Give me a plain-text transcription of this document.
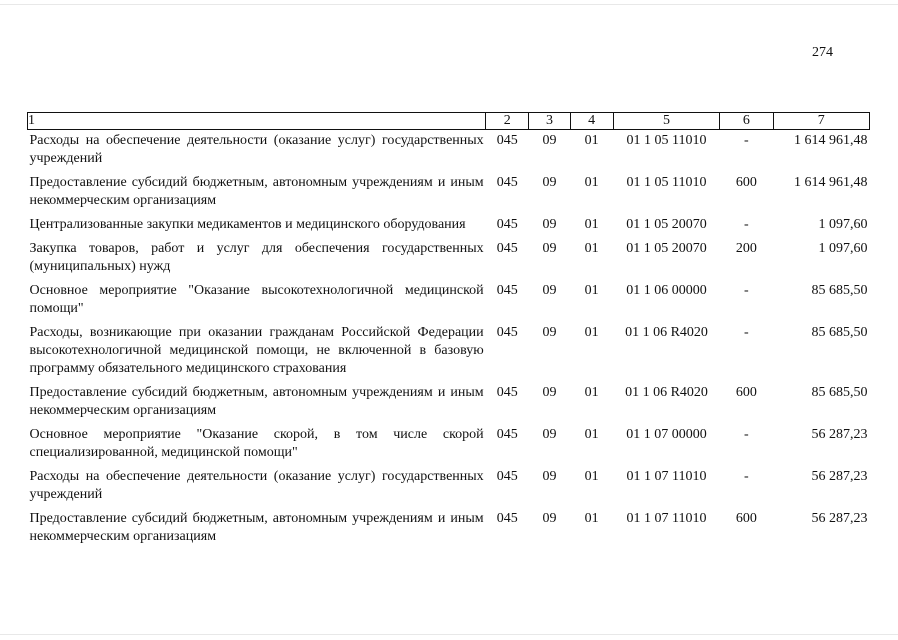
274
1	2	3	4	5	6	7
Расходы на обеспечение деятельности (оказание услуг) государственных учреждений	045	09	01	01 1 05 11010	-	1 614 961,48
Предоставление субсидий бюджетным, автономным учреждениям и иным некоммерческим организациям	045	09	01	01 1 05 11010	600	1 614 961,48
Централизованные закупки медикаментов и медицинского оборудования	045	09	01	01 1 05 20070	-	1 097,60
Закупка товаров, работ и услуг для обеспечения государственных (муниципальных) нужд	045	09	01	01 1 05 20070	200	1 097,60
Основное мероприятие "Оказание высокотехнологичной медицинской помощи"	045	09	01	01 1 06 00000	-	85 685,50
Расходы, возникающие при оказании гражданам Российской Федерации высокотехнологичной медицинской помощи, не включенной в базовую программу обязательного медицинского страхования	045	09	01	01 1 06 R4020	-	85 685,50
Предоставление субсидий бюджетным, автономным учреждениям и иным некоммерческим организациям	045	09	01	01 1 06 R4020	600	85 685,50
Основное мероприятие "Оказание скорой, в том числе скорой специализированной, медицинской помощи"	045	09	01	01 1 07 00000	-	56 287,23
Расходы на обеспечение деятельности (оказание услуг) государственных учреждений	045	09	01	01 1 07 11010	-	56 287,23
Предоставление субсидий бюджетным, автономным учреждениям и иным некоммерческим организациям	045	09	01	01 1 07 11010	600	56 287,23
